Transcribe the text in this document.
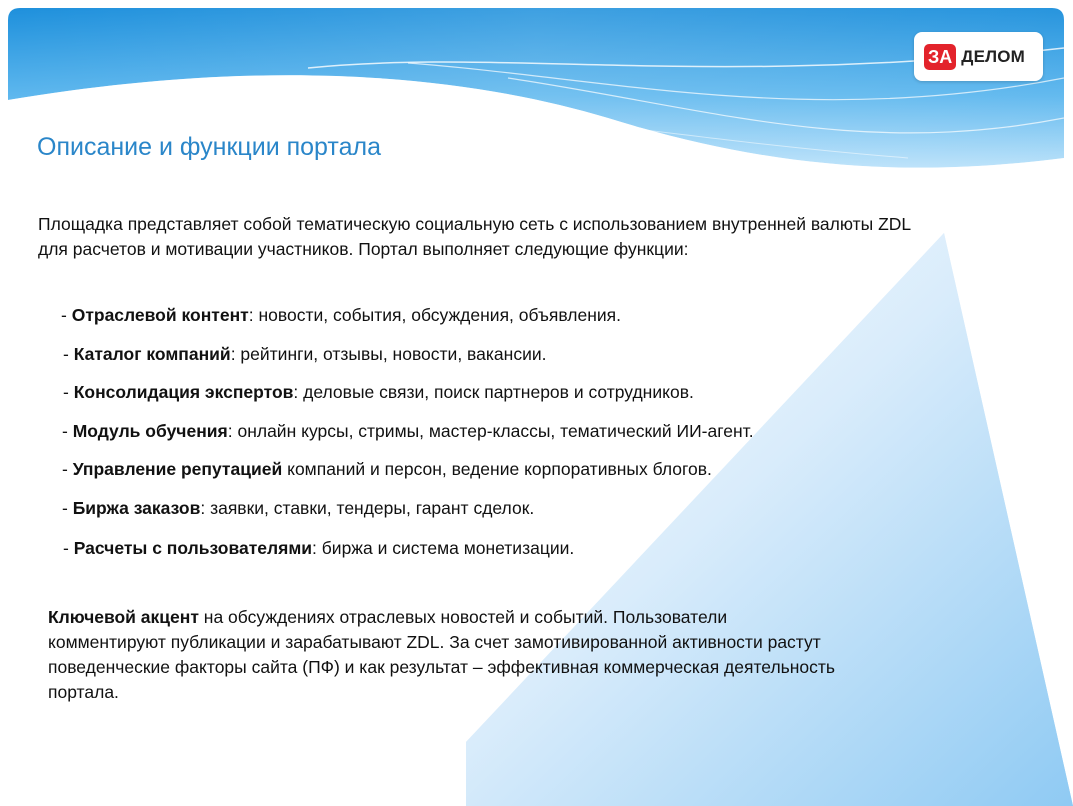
ЗА ДЕЛОМ
Описание и функции портала
Площадка представляет собой тематическую социальную сеть с использованием внутренней валюты ZDL для расчетов и мотивации участников. Портал выполняет следующие функции:
- Отраслевой контент: новости, события, обсуждения, объявления.
- Каталог компаний: рейтинги, отзывы, новости, вакансии.
- Консолидация экспертов: деловые связи, поиск партнеров и сотрудников.
- Модуль обучения: онлайн курсы, стримы, мастер-классы, тематический ИИ-агент.
- Управление репутацией компаний и персон, ведение корпоративных блогов.
- Биржа заказов: заявки, ставки, тендеры, гарант сделок.
- Расчеты с пользователями: биржа и система монетизации.
Ключевой акцент на обсуждениях отраслевых новостей и событий. Пользователи комментируют публикации и зарабатывают ZDL. За счет замотивированной активности растут поведенческие факторы сайта (ПФ) и как результат – эффективная коммерческая деятельность портала.
